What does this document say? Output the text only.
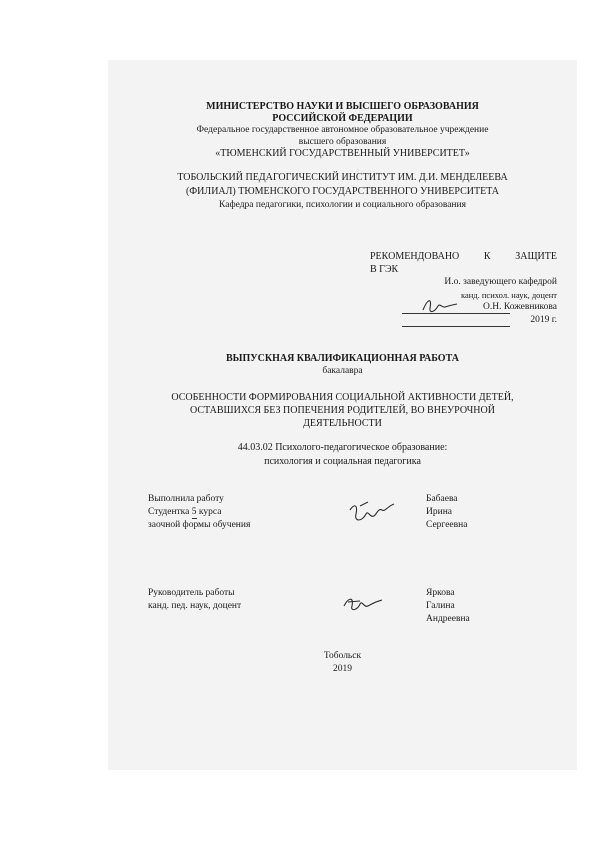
МИНИСТЕРСТВО НАУКИ И ВЫСШЕГО ОБРАЗОВАНИЯ
РОССИЙСКОЙ ФЕДЕРАЦИИ
Федеральное государственное автономное образовательное учреждение
высшего образования
«ТЮМЕНСКИЙ ГОСУДАРСТВЕННЫЙ УНИВЕРСИТЕТ»
ТОБОЛЬСКИЙ ПЕДАГОГИЧЕСКИЙ ИНСТИТУТ ИМ. Д.И. МЕНДЕЛЕЕВА
(ФИЛИАЛ) ТЮМЕНСКОГО ГОСУДАРСТВЕННОГО УНИВЕРСИТЕТА
Кафедра педагогики, психологии и социального образования
РЕКОМЕНДОВАНО К ЗАЩИТЕ
В ГЭК
И.о. заведующего кафедрой
канд. психол. наук, доцент
О.Н. Кожевникова
2019 г.
ВЫПУСКНАЯ КВАЛИФИКАЦИОННАЯ РАБОТА
бакалавра
ОСОБЕННОСТИ ФОРМИРОВАНИЯ СОЦИАЛЬНОЙ АКТИВНОСТИ ДЕТЕЙ,
ОСТАВШИХСЯ БЕЗ ПОПЕЧЕНИЯ РОДИТЕЛЕЙ, ВО ВНЕУРОЧНОЙ
ДЕЯТЕЛЬНОСТИ
44.03.02 Психолого-педагогическое образование:
психология и социальная педагогика
Выполнила работу
Студентка 5 курса
заочной формы обучения
Бабаева
Ирина
Сергеевна
Руководитель работы
канд. пед. наук, доцент
Яркова
Галина
Андреевна
Тобольск
2019
